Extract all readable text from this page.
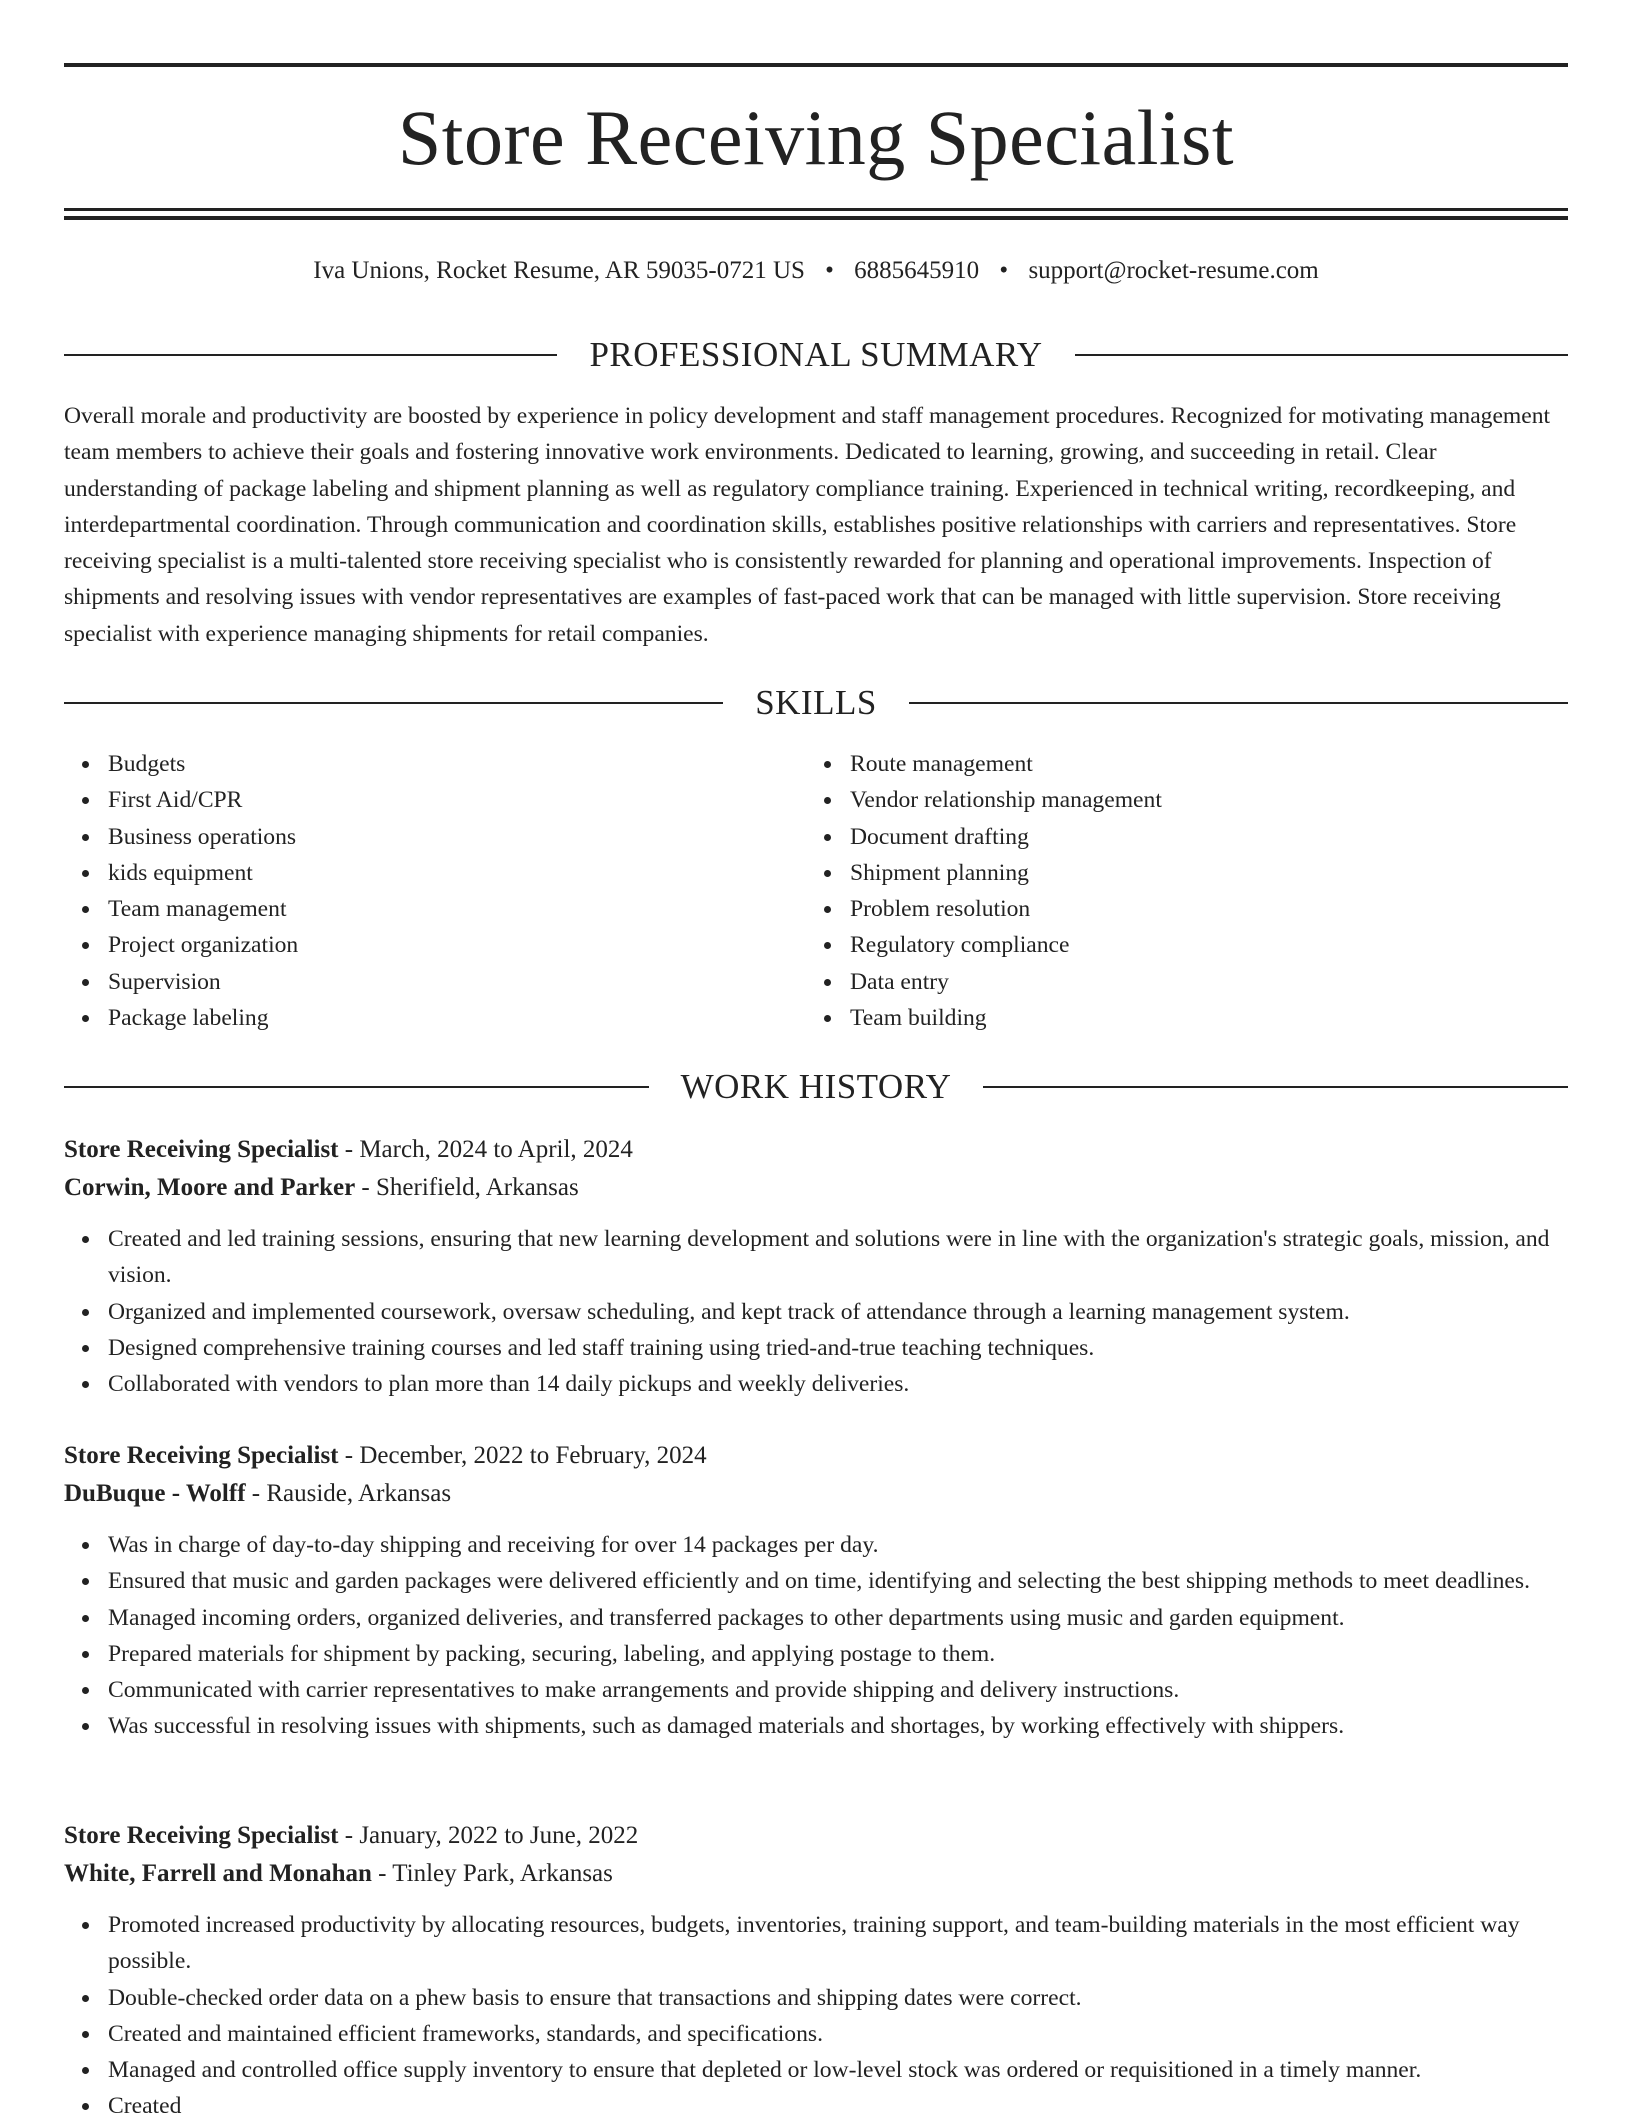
Store Receiving Specialist
Iva Unions, Rocket Resume, AR 59035-0721 US • 6885645910 • support@rocket-resume.com
PROFESSIONAL SUMMARY
Overall morale and productivity are boosted by experience in policy development and staff management procedures. Recognized for motivating management team members to achieve their goals and fostering innovative work environments. Dedicated to learning, growing, and succeeding in retail. Clear understanding of package labeling and shipment planning as well as regulatory compliance training. Experienced in technical writing, recordkeeping, and interdepartmental coordination. Through communication and coordination skills, establishes positive relationships with carriers and representatives. Store receiving specialist is a multi-talented store receiving specialist who is consistently rewarded for planning and operational improvements. Inspection of shipments and resolving issues with vendor representatives are examples of fast-paced work that can be managed with little supervision. Store receiving specialist with experience managing shipments for retail companies.
SKILLS
Budgets
First Aid/CPR
Business operations
kids equipment
Team management
Project organization
Supervision
Package labeling
Route management
Vendor relationship management
Document drafting
Shipment planning
Problem resolution
Regulatory compliance
Data entry
Team building
WORK HISTORY
Store Receiving Specialist - March, 2024 to April, 2024
Corwin, Moore and Parker - Sherifield, Arkansas
Created and led training sessions, ensuring that new learning development and solutions were in line with the organization's strategic goals, mission, and vision.
Organized and implemented coursework, oversaw scheduling, and kept track of attendance through a learning management system.
Designed comprehensive training courses and led staff training using tried-and-true teaching techniques.
Collaborated with vendors to plan more than 14 daily pickups and weekly deliveries.
Store Receiving Specialist - December, 2022 to February, 2024
DuBuque - Wolff - Rauside, Arkansas
Was in charge of day-to-day shipping and receiving for over 14 packages per day.
Ensured that music and garden packages were delivered efficiently and on time, identifying and selecting the best shipping methods to meet deadlines.
Managed incoming orders, organized deliveries, and transferred packages to other departments using music and garden equipment.
Prepared materials for shipment by packing, securing, labeling, and applying postage to them.
Communicated with carrier representatives to make arrangements and provide shipping and delivery instructions.
Was successful in resolving issues with shipments, such as damaged materials and shortages, by working effectively with shippers.
Store Receiving Specialist - January, 2022 to June, 2022
White, Farrell and Monahan - Tinley Park, Arkansas
Promoted increased productivity by allocating resources, budgets, inventories, training support, and team-building materials in the most efficient way possible.
Double-checked order data on a phew basis to ensure that transactions and shipping dates were correct.
Created and maintained efficient frameworks, standards, and specifications.
Managed and controlled office supply inventory to ensure that depleted or low-level stock was ordered or requisitioned in a timely manner.
Created
